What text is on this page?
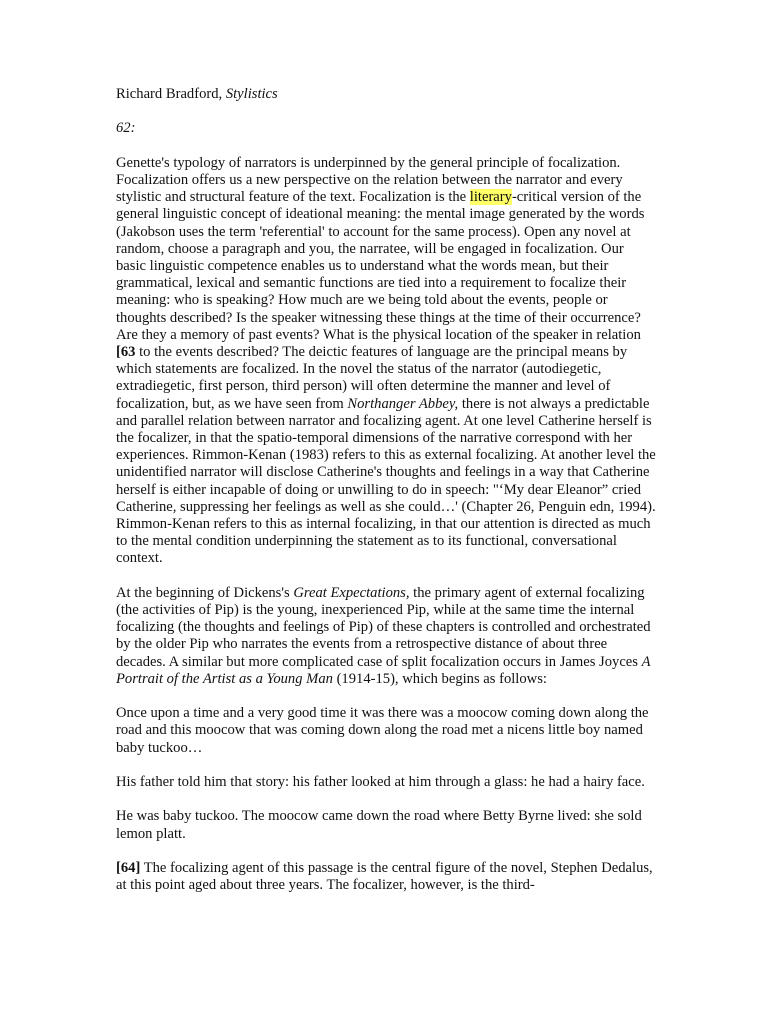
Richard Bradford, Stylistics

62:

Genette's typology of narrators is underpinned by the general principle of focalization. Focalization offers us a new perspective on the relation between the narrator and every stylistic and structural feature of the text. Focalization is the literary-critical version of the general linguistic concept of ideational meaning: the mental image generated by the words (Jakobson uses the term 'referential' to account for the same process). Open any novel at random, choose a paragraph and you, the narratee, will be engaged in focalization. Our basic linguistic competence enables us to understand what the words mean, but their grammatical, lexical and semantic functions are tied into a requirement to focalize their meaning: who is speaking? How much are we being told about the events, people or thoughts described? Is the speaker witnessing these things at the time of their occurrence? Are they a memory of past events? What is the physical location of the speaker in relation [63 to the events described? The deictic features of language are the principal means by which statements are focalized. In the novel the status of the narrator (autodiegetic, extradiegetic, first person, third person) will often determine the manner and level of focalization, but, as we have seen from Northanger Abbey, there is not always a predictable and parallel relation between narrator and focalizing agent. At one level Catherine herself is the focalizer, in that the spatio-temporal dimensions of the narrative correspond with her experiences. Rimmon-Kenan (1983) refers to this as external focalizing. At another level the unidentified narrator will disclose Catherine's thoughts and feelings in a way that Catherine herself is either incapable of doing or unwilling to do in speech: "‘My dear Eleanor” cried Catherine, suppressing her feelings as well as she could…' (Chapter 26, Penguin edn, 1994). Rimmon-Kenan refers to this as internal focalizing, in that our attention is directed as much to the mental condition underpinning the statement as to its functional, conversational context.

At the beginning of Dickens's Great Expectations, the primary agent of external focalizing (the activities of Pip) is the young, inexperienced Pip, while at the same time the internal focalizing (the thoughts and feelings of Pip) of these chapters is controlled and orchestrated by the older Pip who narrates the events from a retrospective distance of about three decades. A similar but more complicated case of split focalization occurs in James Joyces A Portrait of the Artist as a Young Man (1914-15), which begins as follows:

Once upon a time and a very good time it was there was a moocow coming down along the road and this moocow that was coming down along the road met a nicens little boy named baby tuckoo…

His father told him that story: his father looked at him through a glass: he had a hairy face.

He was baby tuckoo. The moocow came down the road where Betty Byrne lived: she sold lemon platt.

[64] The focalizing agent of this passage is the central figure of the novel, Stephen Dedalus, at this point aged about three years. The focalizer, however, is the third-
